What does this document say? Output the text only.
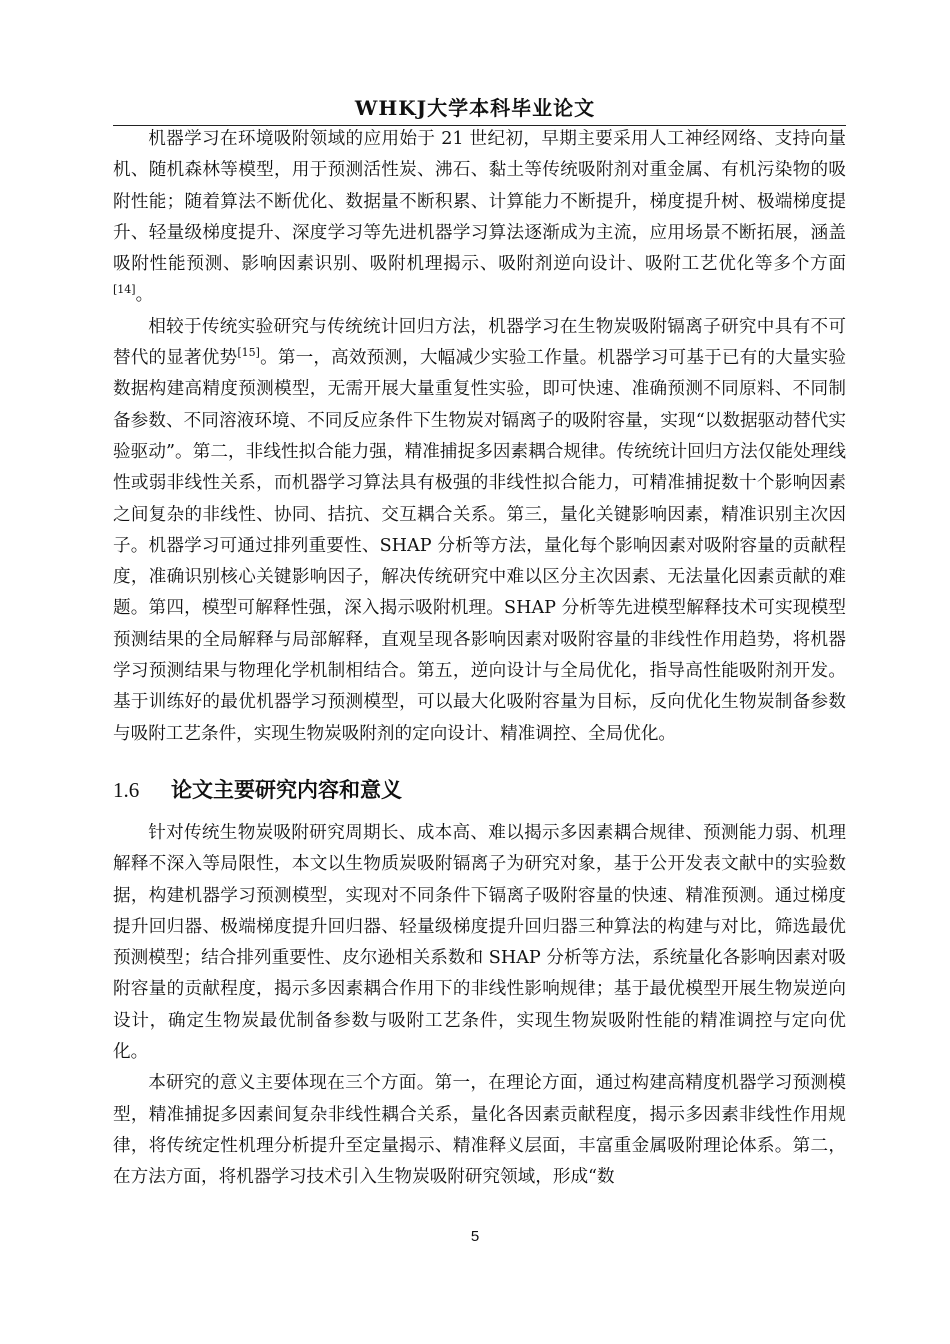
WHKJ大学本科毕业论文

机器学习在环境吸附领域的应用始于 21 世纪初，早期主要采用人工神经网络、支持向量机、随机森林等模型，用于预测活性炭、沸石、黏土等传统吸附剂对重金属、有机污染物的吸附性能；随着算法不断优化、数据量不断积累、计算能力不断提升，梯度提升树、极端梯度提升、轻量级梯度提升、深度学习等先进机器学习算法逐渐成为主流，应用场景不断拓展，涵盖吸附性能预测、影响因素识别、吸附机理揭示、吸附剂逆向设计、吸附工艺优化等多个方面[14]。

相较于传统实验研究与传统统计回归方法，机器学习在生物炭吸附镉离子研究中具有不可替代的显著优势[15]。第一，高效预测，大幅减少实验工作量。机器学习可基于已有的大量实验数据构建高精度预测模型，无需开展大量重复性实验，即可快速、准确预测不同原料、不同制备参数、不同溶液环境、不同反应条件下生物炭对镉离子的吸附容量，实现“以数据驱动替代实验驱动”。第二，非线性拟合能力强，精准捕捉多因素耦合规律。传统统计回归方法仅能处理线性或弱非线性关系，而机器学习算法具有极强的非线性拟合能力，可精准捕捉数十个影响因素之间复杂的非线性、协同、拮抗、交互耦合关系。第三，量化关键影响因素，精准识别主次因子。机器学习可通过排列重要性、SHAP 分析等方法，量化每个影响因素对吸附容量的贡献程度，准确识别核心关键影响因子，解决传统研究中难以区分主次因素、无法量化因素贡献的难题。第四，模型可解释性强，深入揭示吸附机理。SHAP 分析等先进模型解释技术可实现模型预测结果的全局解释与局部解释，直观呈现各影响因素对吸附容量的非线性作用趋势，将机器学习预测结果与物理化学机制相结合。第五，逆向设计与全局优化，指导高性能吸附剂开发。基于训练好的最优机器学习预测模型，可以最大化吸附容量为目标，反向优化生物炭制备参数与吸附工艺条件，实现生物炭吸附剂的定向设计、精准调控、全局优化。

1.6	论文主要研究内容和意义

针对传统生物炭吸附研究周期长、成本高、难以揭示多因素耦合规律、预测能力弱、机理解释不深入等局限性，本文以生物质炭吸附镉离子为研究对象，基于公开发表文献中的实验数据，构建机器学习预测模型，实现对不同条件下镉离子吸附容量的快速、精准预测。通过梯度提升回归器、极端梯度提升回归器、轻量级梯度提升回归器三种算法的构建与对比，筛选最优预测模型；结合排列重要性、皮尔逊相关系数和 SHAP 分析等方法，系统量化各影响因素对吸附容量的贡献程度，揭示多因素耦合作用下的非线性影响规律；基于最优模型开展生物炭逆向设计，确定生物炭最优制备参数与吸附工艺条件，实现生物炭吸附性能的精准调控与定向优化。

本研究的意义主要体现在三个方面。第一，在理论方面，通过构建高精度机器学习预测模型，精准捕捉多因素间复杂非线性耦合关系，量化各因素贡献程度，揭示多因素非线性作用规律，将传统定性机理分析提升至定量揭示、精准释义层面，丰富重金属吸附理论体系。第二，在方法方面，将机器学习技术引入生物炭吸附研究领域，形成“数

5
